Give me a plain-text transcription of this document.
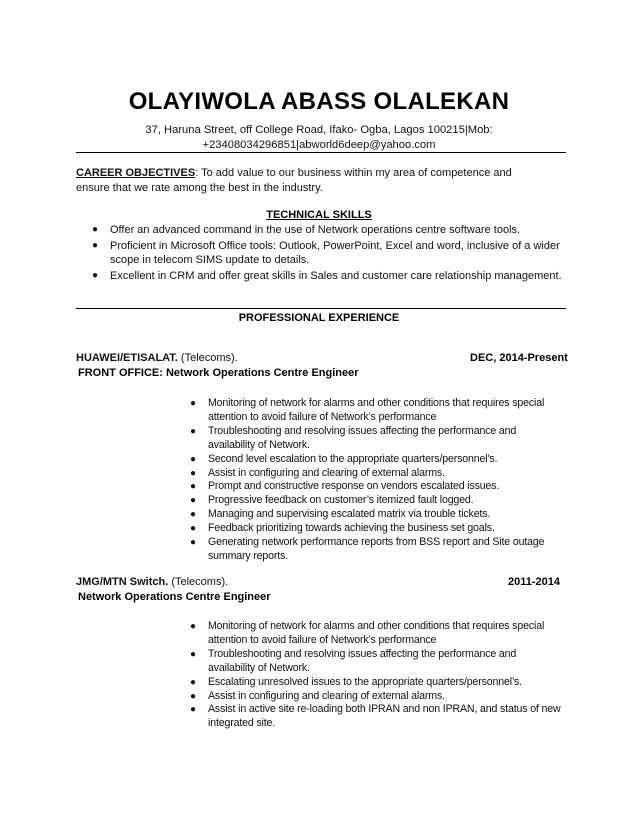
OLAYIWOLA ABASS OLALEKAN
37, Haruna Street, off College Road, Ifako- Ogba, Lagos 100215|Mob:
+23408034296851|abworld6deep@yahoo.com
CAREER OBJECTIVES: To add value to our business within my area of competence and
ensure that we rate among the best in the industry.
TECHNICAL SKILLS
● Offer an advanced command in the use of Network operations centre software tools.
● Proficient in Microsoft Office tools: Outlook, PowerPoint, Excel and word, inclusive of a wider
scope in telecom SIMS update to details.
● Excellent in CRM and offer great skills in Sales and customer care relationship management.
PROFESSIONAL EXPERIENCE
HUAWEI/ETISALAT. (Telecoms).	DEC, 2014-Present
FRONT OFFICE: Network Operations Centre Engineer
● Monitoring of network for alarms and other conditions that requires special
attention to avoid failure of Network’s performance
● Troubleshooting and resolving issues affecting the performance and
availability of Network.
● Second level escalation to the appropriate quarters/personnel’s.
● Assist in configuring and clearing of external alarms.
● Prompt and constructive response on vendors escalated issues.
● Progressive feedback on customer’s itemized fault logged.
● Managing and supervising escalated matrix via trouble tickets.
● Feedback prioritizing towards achieving the business set goals.
● Generating network performance reports from BSS report and Site outage
summary reports.
JMG/MTN Switch. (Telecoms).	2011-2014
Network Operations Centre Engineer
● Monitoring of network for alarms and other conditions that requires special
attention to avoid failure of Network’s performance
● Troubleshooting and resolving issues affecting the performance and
availability of Network.
● Escalating unresolved issues to the appropriate quarters/personnel’s.
● Assist in configuring and clearing of external alarms.
● Assist in active site re-loading both IPRAN and non IPRAN, and status of new
integrated site.
